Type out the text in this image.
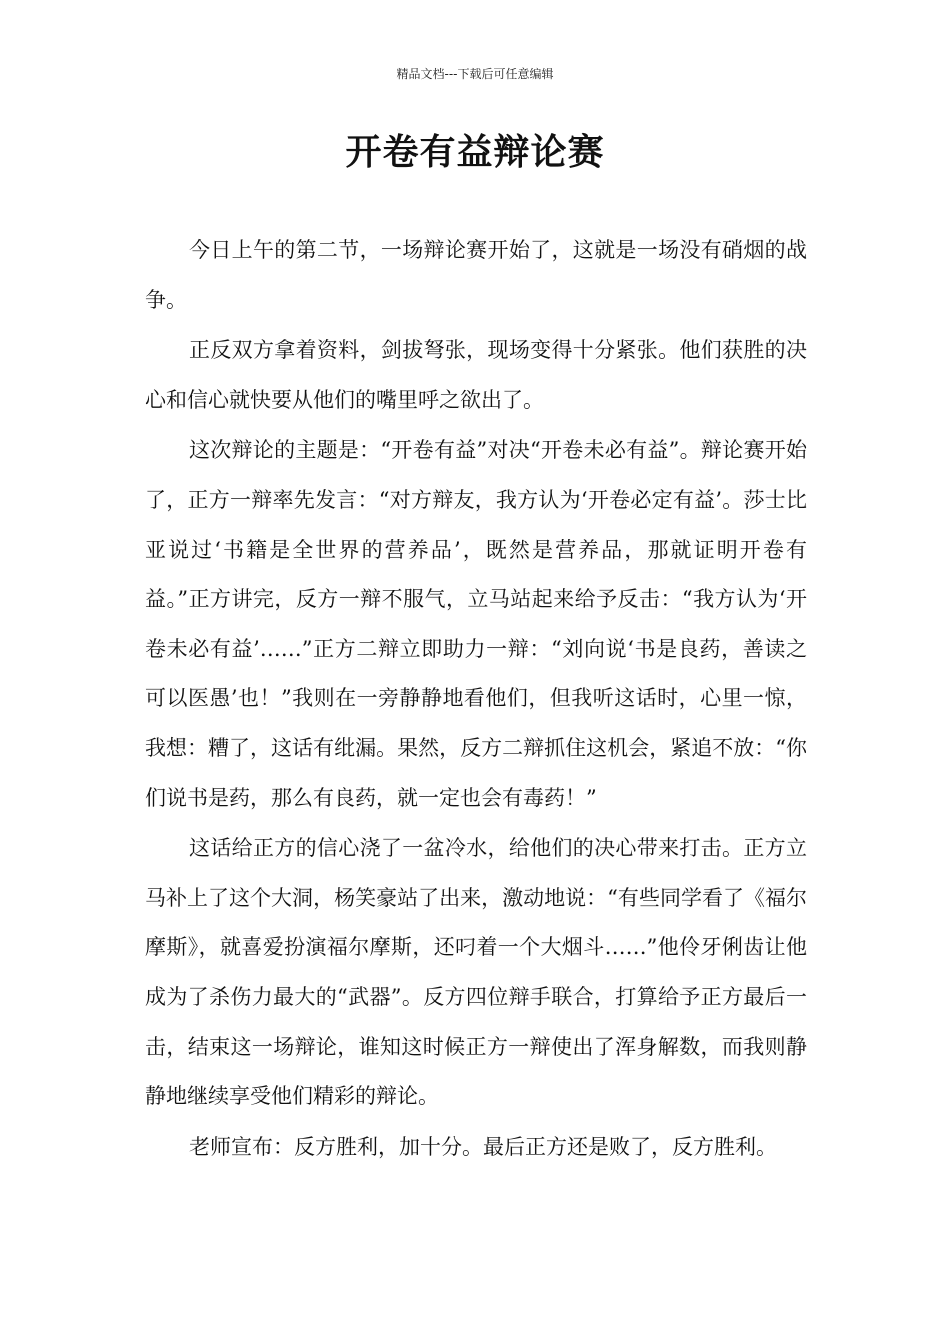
精品文档---下载后可任意编辑
开卷有益辩论赛

今日上午的第二节，一场辩论赛开始了，这就是一场没有硝烟的战争。

正反双方拿着资料，剑拔弩张，现场变得十分紧张。他们获胜的决心和信心就快要从他们的嘴里呼之欲出了。

这次辩论的主题是：“开卷有益”对决“开卷未必有益”。辩论赛开始了，正方一辩率先发言：“对方辩友，我方认为‘开卷必定有益’。莎士比亚说过‘书籍是全世界的营养品’，既然是营养品，那就证明开卷有益。”正方讲完，反方一辩不服气，立马站起来给予反击：“我方认为‘开卷未必有益’……”正方二辩立即助力一辩：“刘向说‘书是良药，善读之可以医愚’也！”我则在一旁静静地看他们，但我听这话时，心里一惊，我想：糟了，这话有纰漏。果然，反方二辩抓住这机会，紧追不放：“你们说书是药，那么有良药，就一定也会有毒药！”

这话给正方的信心浇了一盆冷水，给他们的决心带来打击。正方立马补上了这个大洞，杨笑豪站了出来，激动地说：“有些同学看了《福尔摩斯》，就喜爱扮演福尔摩斯，还叼着一个大烟斗……”他伶牙俐齿让他成为了杀伤力最大的“武器”。反方四位辩手联合，打算给予正方最后一击，结束这一场辩论，谁知这时候正方一辩使出了浑身解数，而我则静静地继续享受他们精彩的辩论。

老师宣布：反方胜利，加十分。最后正方还是败了，反方胜利。
